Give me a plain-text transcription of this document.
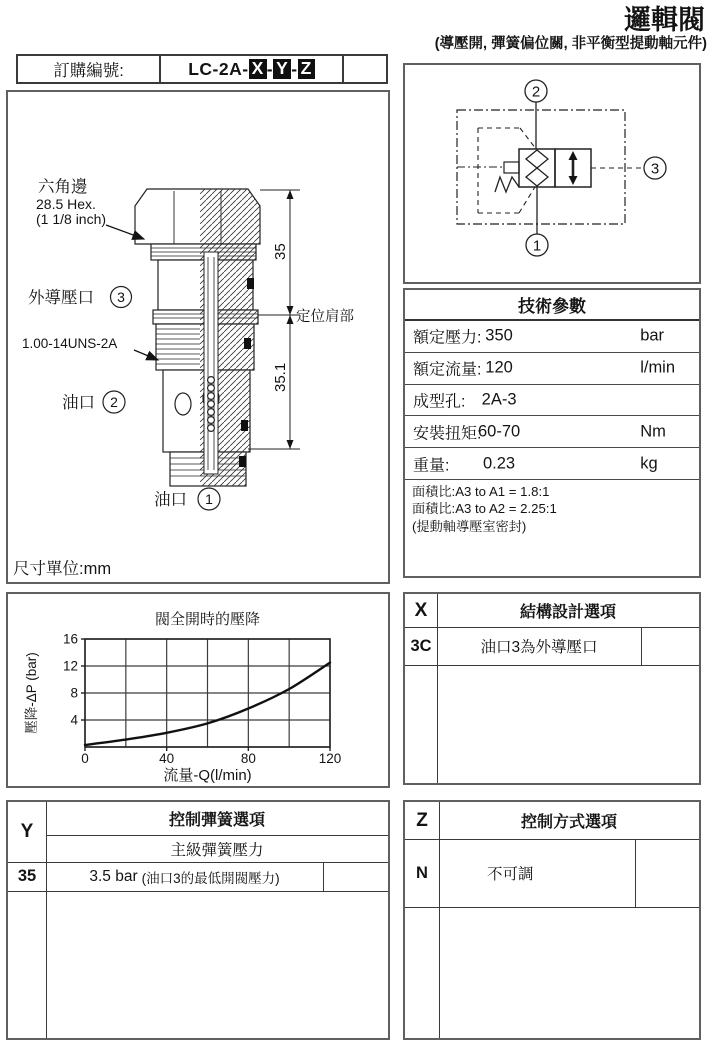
邏輯閥
(導壓開, 彈簧偏位關, 非平衡型提動軸元件)
訂購編號:	LC-2A- X - Y - Z
35
35.1
定位肩部
六角邊
28.5 Hex.
(1 1/8 inch)
外導壓口 3
1.00-14UNS-2A
油口 2
油口 1
尺寸單位:mm
2
1
3
技術參數
額定壓力: 350	bar
額定流量: 120	l/min
成型孔: 2A-3
安裝扭矩:
60-70	Nm
重量:	0.23	kg
面積比:A3 to A1 = 1.8:1
面積比:A3 to A2 = 2.25:1
(提動軸導壓室密封)
0	40	80	120
4
8
12
16
閥全開時的壓降
流量-Q(l/min)
壓降-ΔP (bar)
X	結構設計選項
3C	油口3為外導壓口
Y
控制彈簧選項
主級彈簧壓力
35	3.5 bar (油口3的最低開閥壓力)
Z	控制方式選項
N	不可調
